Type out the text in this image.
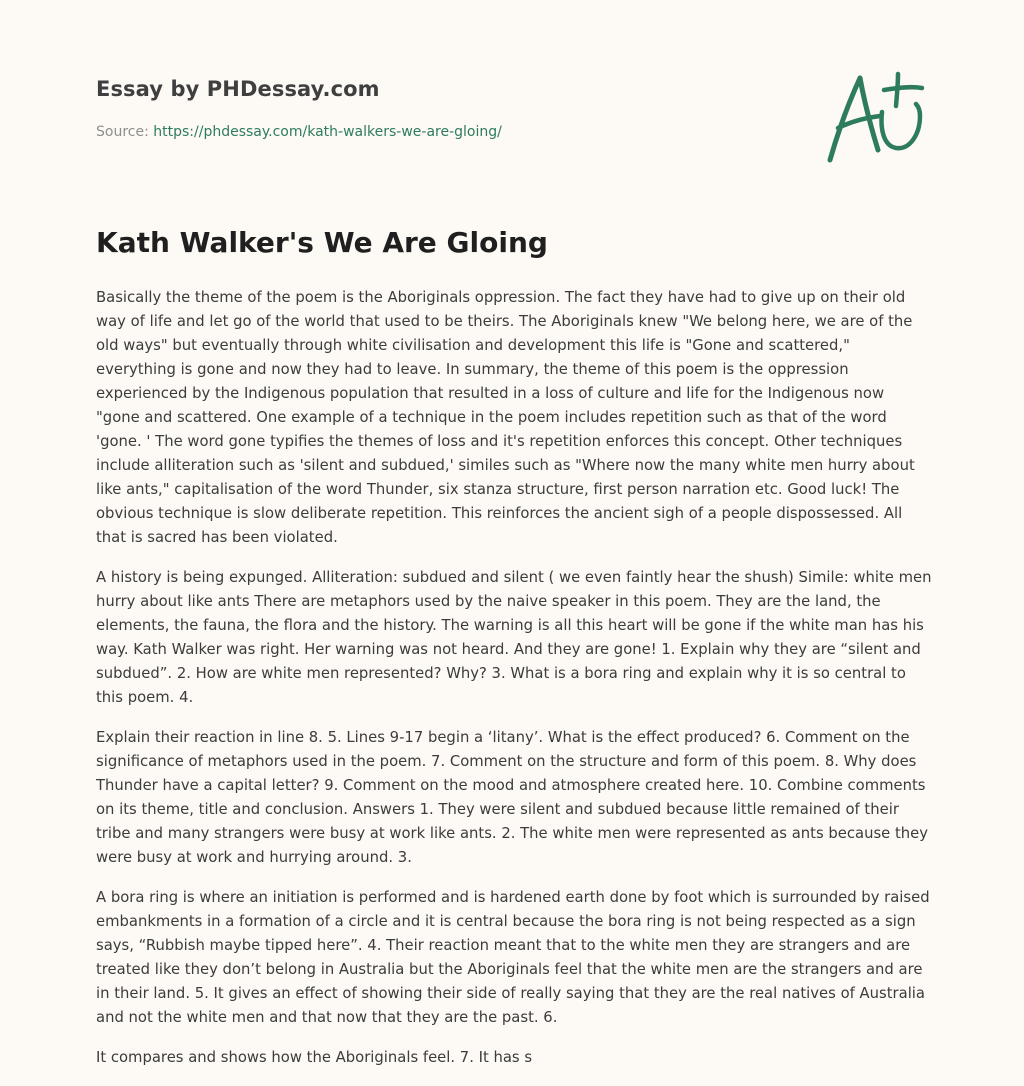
Essay by PHDessay.com
Source: https://phdessay.com/kath-walkers-we-are-gloing/
Kath Walker's We Are Gloing

Basically the theme of the poem is the Aboriginals oppression. The fact they have had to give up on their old way of life and let go of the world that used to be theirs. The Aboriginals knew "We belong here, we are of the old ways" but eventually through white civilisation and development this life is "Gone and scattered," everything is gone and now they had to leave. In summary, the theme of this poem is the oppression experienced by the Indigenous population that resulted in a loss of culture and life for the Indigenous now "gone and scattered. One example of a technique in the poem includes repetition such as that of the word 'gone. ' The word gone typifies the themes of loss and it's repetition enforces this concept. Other techniques include alliteration such as 'silent and subdued,' similes such as "Where now the many white men hurry about like ants," capitalisation of the word Thunder, six stanza structure, first person narration etc. Good luck! The obvious technique is slow deliberate repetition. This reinforces the ancient sigh of a people dispossessed. All that is sacred has been violated.

A history is being expunged. Alliteration: subdued and silent ( we even faintly hear the shush) Simile: white men hurry about like ants There are metaphors used by the naive speaker in this poem. They are the land, the elements, the fauna, the flora and the history. The warning is all this heart will be gone if the white man has his way. Kath Walker was right. Her warning was not heard. And they are gone! 1. Explain why they are “silent and subdued”. 2. How are white men represented? Why? 3. What is a bora ring and explain why it is so central to this poem. 4.

Explain their reaction in line 8. 5. Lines 9-17 begin a ‘litany’. What is the effect produced? 6. Comment on the significance of metaphors used in the poem. 7. Comment on the structure and form of this poem. 8. Why does Thunder have a capital letter? 9. Comment on the mood and atmosphere created here. 10. Combine comments on its theme, title and conclusion. Answers 1. They were silent and subdued because little remained of their tribe and many strangers were busy at work like ants. 2. The white men were represented as ants because they were busy at work and hurrying around. 3.

A bora ring is where an initiation is performed and is hardened earth done by foot which is surrounded by raised embankments in a formation of a circle and it is central because the bora ring is not being respected as a sign says, “Rubbish maybe tipped here”. 4. Their reaction meant that to the white men they are strangers and are treated like they don’t belong in Australia but the Aboriginals feel that the white men are the strangers and are in their land. 5. It gives an effect of showing their side of really saying that they are the real natives of Australia and not the white men and that now that they are the past. 6.

It compares and shows how the Aboriginals feel. 7. It has s
